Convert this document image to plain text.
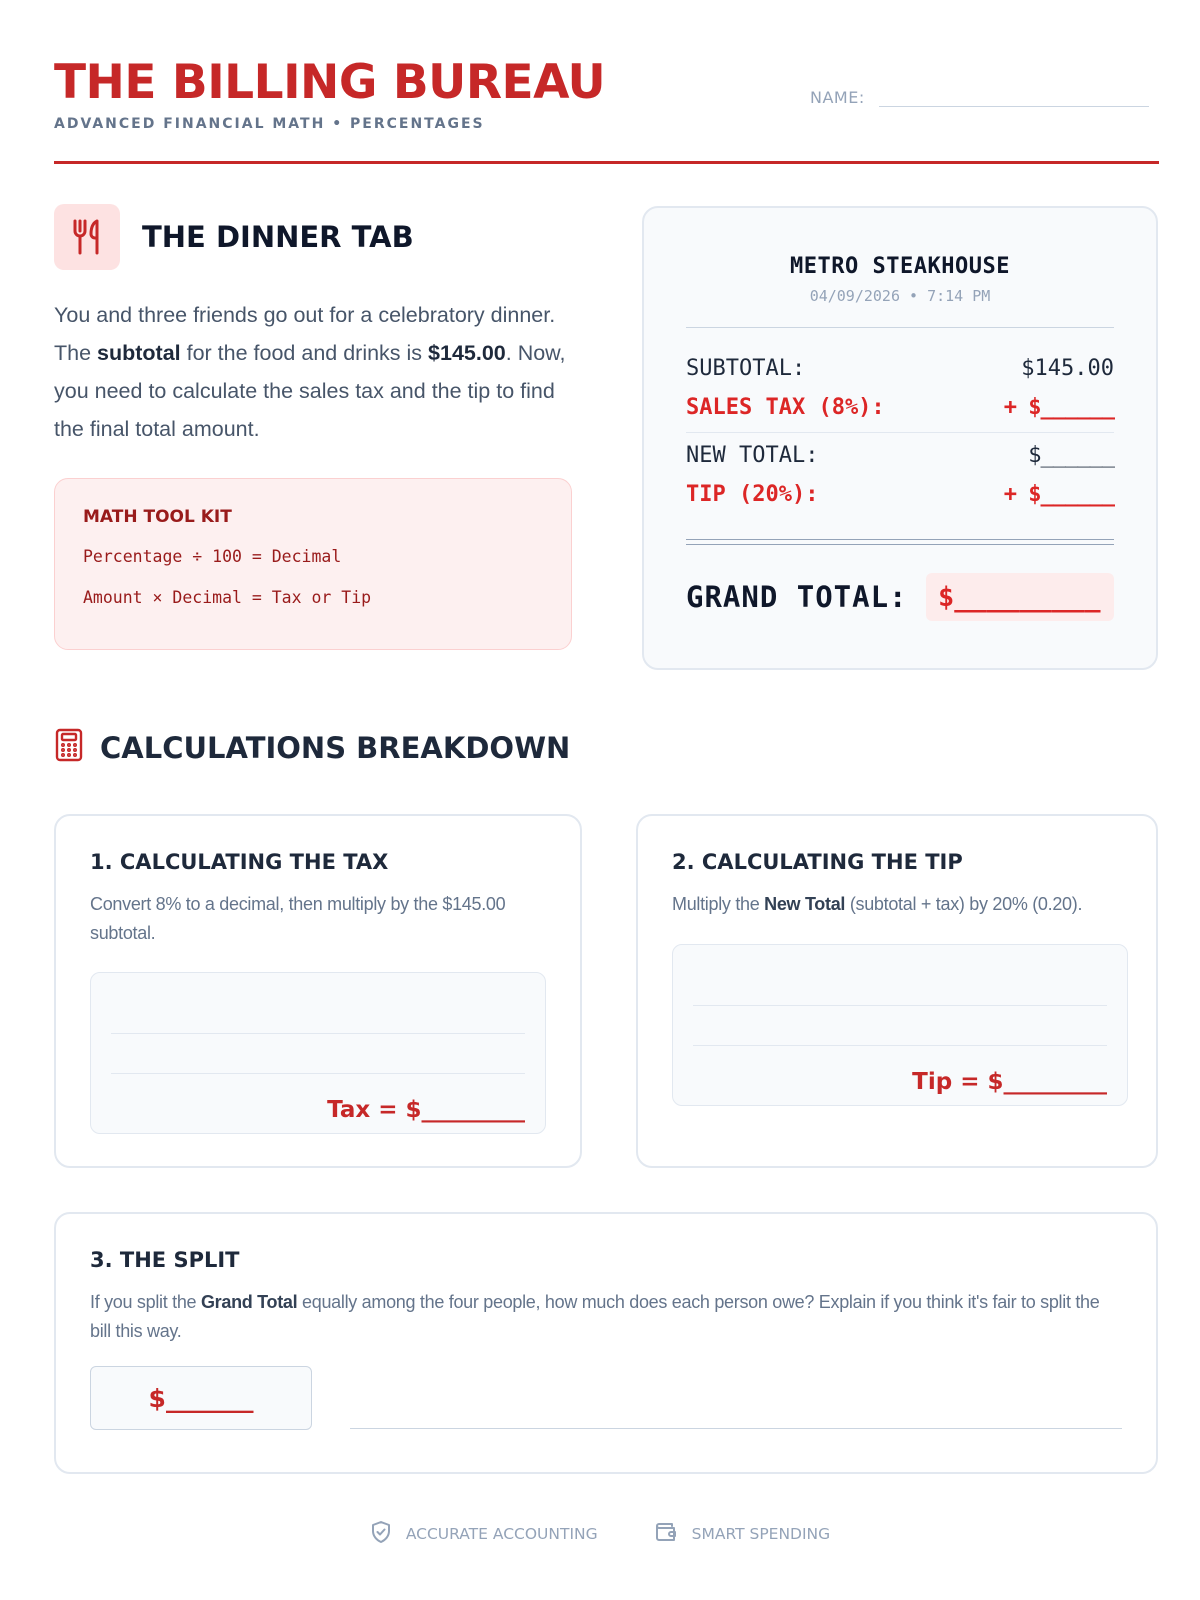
THE BILLING BUREAU
ADVANCED FINANCIAL MATH • PERCENTAGES
NAME:
THE DINNER TAB
You and three friends go out for a celebratory dinner. The subtotal for the food and drinks is $145.00. Now, you need to calculate the sales tax and the tip to find the final total amount.
MATH TOOL KIT
Percentage ÷ 100 = Decimal
Amount × Decimal = Tax or Tip
METRO STEAKHOUSE
04/09/2026 • 7:14 PM
SUBTOTAL:	$145.00
SALES TAX (8%):	+ $______
NEW TOTAL:	$______
TIP (20%):	+ $______
GRAND TOTAL:	$_________
CALCULATIONS BREAKDOWN
1. CALCULATING THE TAX
Convert 8% to a decimal, then multiply by the $145.00 subtotal.
Tax = $_________
2. CALCULATING THE TIP
Multiply the New Total (subtotal + tax) by 20% (0.20).
Tip = $_________
3. THE SPLIT
If you split the Grand Total equally among the four people, how much does each person owe? Explain if you think it's fair to split the bill this way.
$_______
ACCURATE ACCOUNTING	SMART SPENDING
